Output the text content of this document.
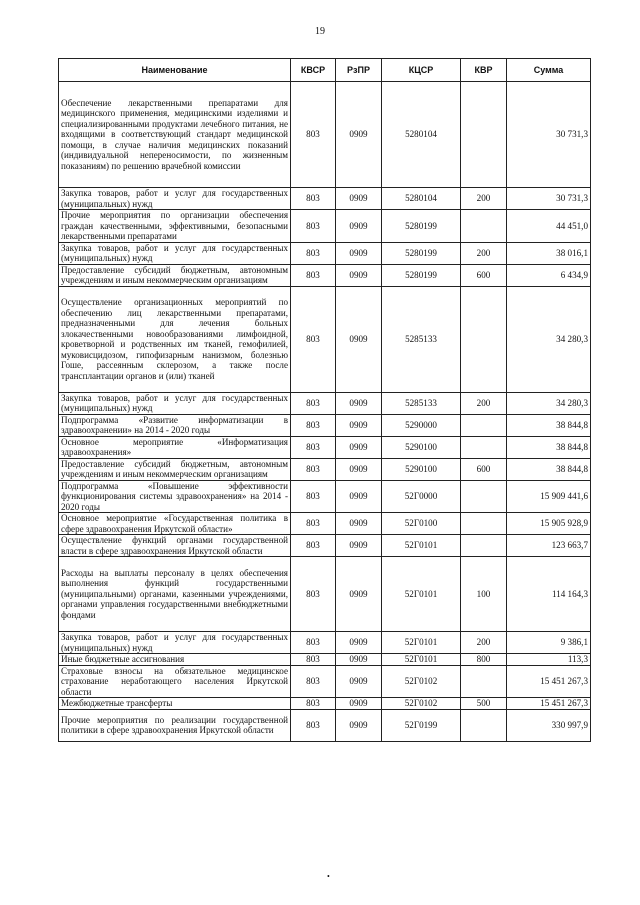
19
Наименование	КВСР	РзПР	КЦСР	КВР	Сумма
Обеспечение лекарственными препаратами для медицинского применения, медицинскими изделиями и специализированными продуктами лечебного питания, не входящими в соответствующий стандарт медицинской помощи, в случае наличия медицинских показаний (индивидуальной непереносимости, по жизненным показаниям) по решению врачебной комиссии	803	0909	5280104		30 731,3
Закупка товаров, работ и услуг для государственных (муниципальных) нужд	803	0909	5280104	200	30 731,3
Прочие мероприятия по организации обеспечения граждан качественными, эффективными, безопасными лекарственными препаратами	803	0909	5280199		44 451,0
Закупка товаров, работ и услуг для государственных (муниципальных) нужд	803	0909	5280199	200	38 016,1
Предоставление субсидий бюджетным, автономным учреждениям и иным некоммерческим организациям	803	0909	5280199	600	6 434,9
Осуществление организационных мероприятий по обеспечению лиц лекарственными препаратами, предназначенными для лечения больных злокачественными новообразованиями лимфоидной, кроветворной и родственных им тканей, гемофилией, муковисцидозом, гипофизарным нанизмом, болезнью Гоше, рассеянным склерозом, а также после трансплантации органов и (или) тканей	803	0909	5285133		34 280,3
Закупка товаров, работ и услуг для государственных (муниципальных) нужд	803	0909	5285133	200	34 280,3
Подпрограмма «Развитие информатизации в здравоохранении» на 2014 - 2020 годы	803	0909	5290000		38 844,8
Основное мероприятие «Информатизация здравоохранения»	803	0909	5290100		38 844,8
Предоставление субсидий бюджетным, автономным учреждениям и иным некоммерческим организациям	803	0909	5290100	600	38 844,8
Подпрограмма «Повышение эффективности функционирования системы здравоохранения» на 2014 - 2020 годы	803	0909	52Г0000		15 909 441,6
Основное мероприятие «Государственная политика в сфере здравоохранения Иркутской области»	803	0909	52Г0100		15 905 928,9
Осуществление функций органами государственной власти в сфере здравоохранения Иркутской области	803	0909	52Г0101		123 663,7
Расходы на выплаты персоналу в целях обеспечения выполнения функций государственными (муниципальными) органами, казенными учреждениями, органами управления государственными внебюджетными фондами	803	0909	52Г0101	100	114 164,3
Закупка товаров, работ и услуг для государственных (муниципальных) нужд	803	0909	52Г0101	200	9 386,1
Иные бюджетные ассигнования	803	0909	52Г0101	800	113,3
Страховые взносы на обязательное медицинское страхование неработающего населения Иркутской области	803	0909	52Г0102		15 451 267,3
Межбюджетные трансферты	803	0909	52Г0102	500	15 451 267,3
Прочие мероприятия по реализации государственной политики в сфере здравоохранения Иркутской области	803	0909	52Г0199		330 997,9
•
